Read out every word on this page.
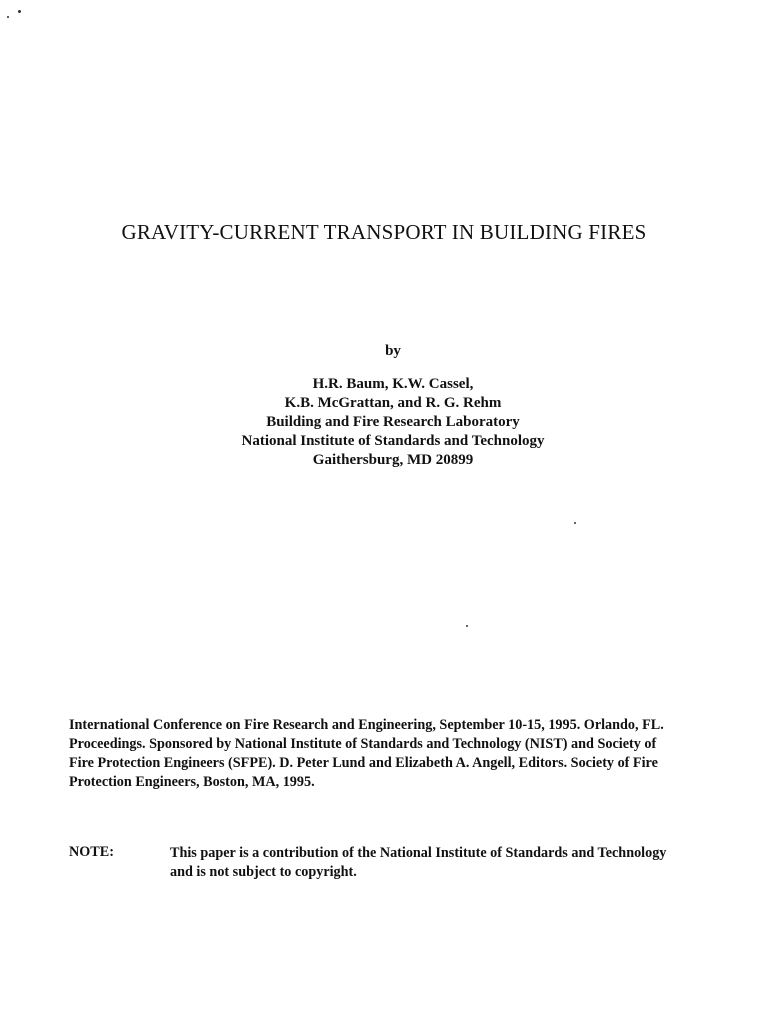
GRAVITY-CURRENT TRANSPORT IN BUILDING FIRES
by
H.R. Baum, K.W. Cassel,
K.B. McGrattan, and R. G. Rehm
Building and Fire Research Laboratory
National Institute of Standards and Technology
Gaithersburg, MD 20899
International Conference on Fire Research and Engineering, September 10-15, 1995. Orlando, FL.
Proceedings. Sponsored by National Institute of Standards and Technology (NIST) and Society of
Fire Protection Engineers (SFPE). D. Peter Lund and Elizabeth A. Angell, Editors. Society of Fire
Protection Engineers, Boston, MA, 1995.
NOTE:	This paper is a contribution of the National Institute of Standards and Technology
and is not subject to copyright.
